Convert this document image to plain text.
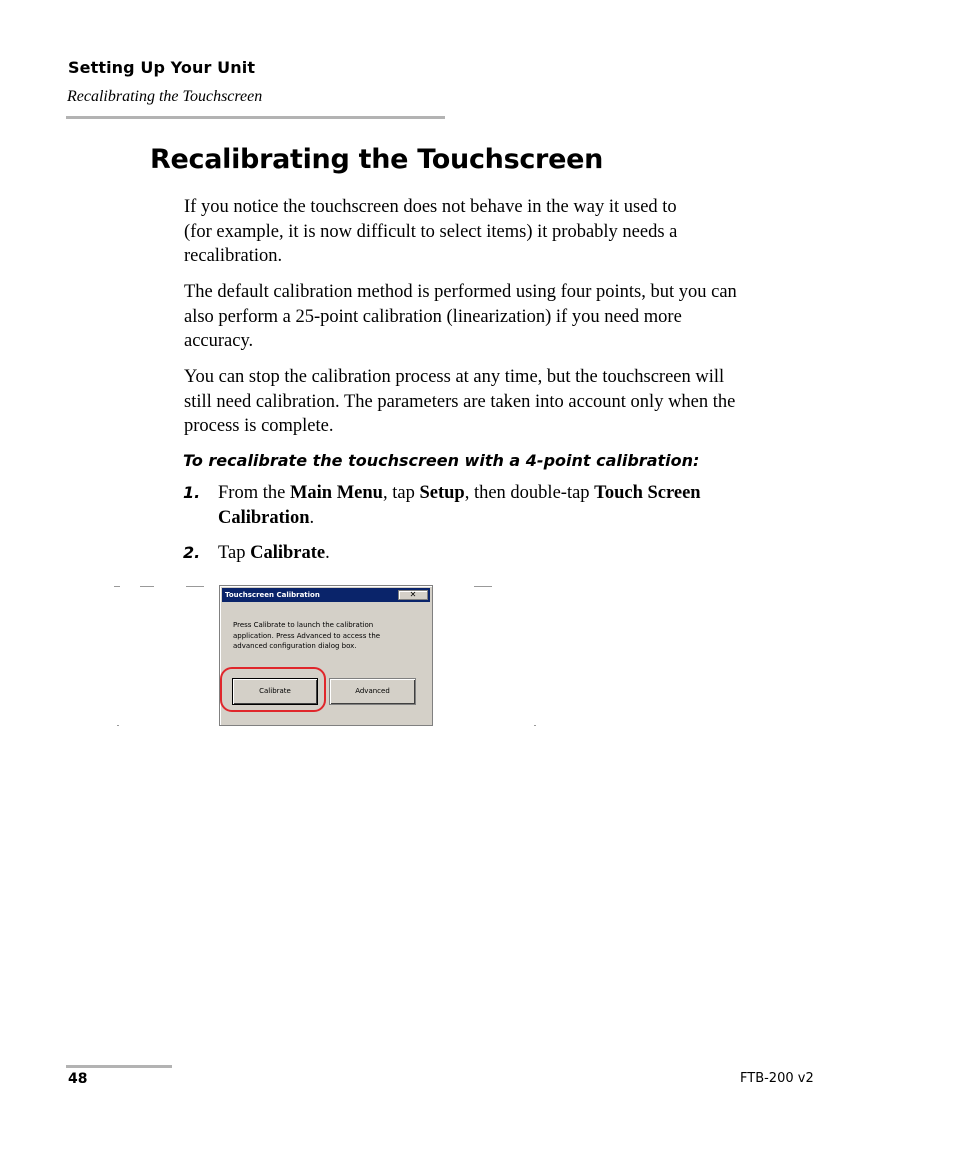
Setting Up Your Unit
Recalibrating the Touchscreen
Recalibrating the Touchscreen

If you notice the touchscreen does not behave in the way it used to
(for example, it is now difficult to select items) it probably needs a
recalibration.

The default calibration method is performed using four points, but you can
also perform a 25-point calibration (linearization) if you need more
accuracy.

You can stop the calibration process at any time, but the touchscreen will
still need calibration. The parameters are taken into account only when the
process is complete.

To recalibrate the touchscreen with a 4-point calibration:

1. From the Main Menu, tap Setup, then double-tap Touch Screen
Calibration.
2. Tap Calibrate.
Touchscreen Calibration	✕
Press Calibrate to launch the calibration
application. Press Advanced to access the
advanced configuration dialog box.
Calibrate	Advanced
48	FTB-200 v2
